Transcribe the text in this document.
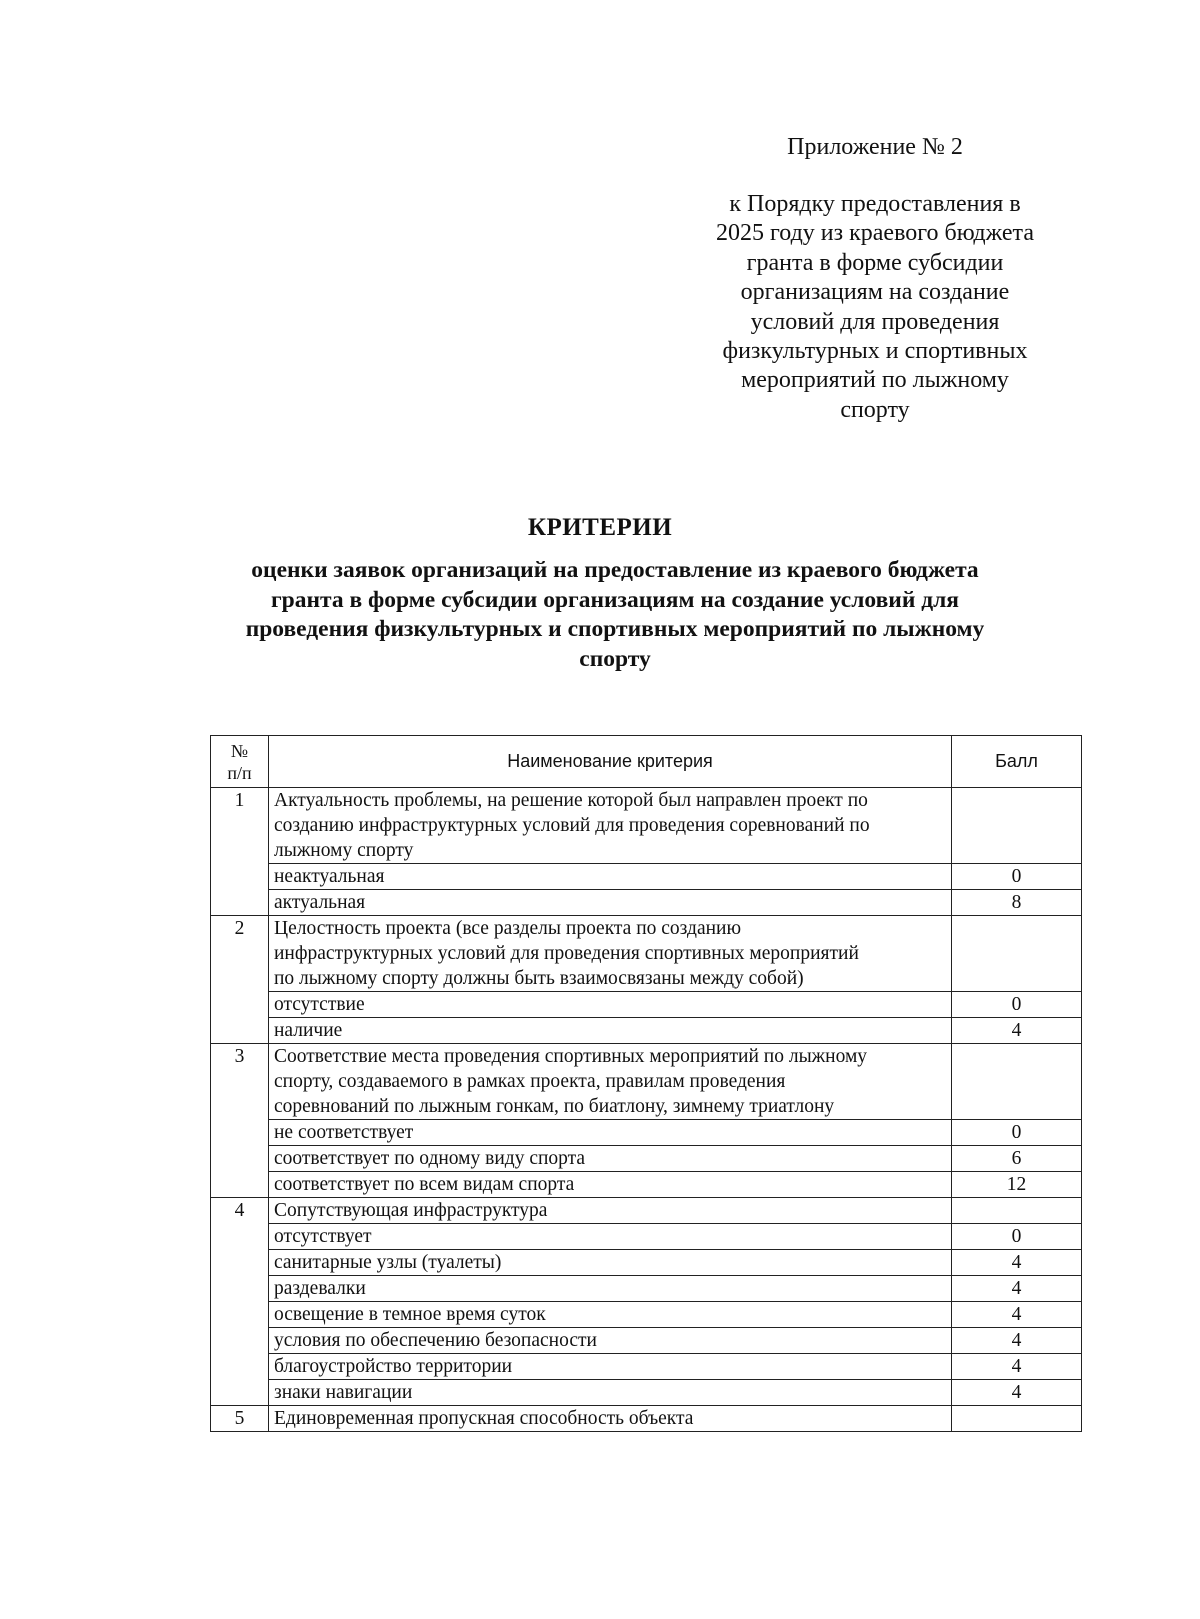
Приложение № 2
к Порядку предоставления в
2025 году из краевого бюджета
гранта в форме субсидии
организациям на создание
условий для проведения
физкультурных и спортивных
мероприятий по лыжному
спорту
КРИТЕРИИ
оценки заявок организаций на предоставление из краевого бюджета
гранта в форме субсидии организациям на создание условий для
проведения физкультурных и спортивных мероприятий по лыжному
спорту
№
п/п	Наименование критерия	Балл
1	Актуальность проблемы, на решение которой был направлен проект по
созданию инфраструктурных условий для проведения соревнований по
лыжному спорту	

	неактуальная	0
	актуальная	8
2	Целостность проекта (все разделы проекта по созданию
инфраструктурных условий для проведения спортивных мероприятий
по лыжному спорту должны быть взаимосвязаны между собой)	

	отсутствие	0
	наличие	4
3	Соответствие места проведения спортивных мероприятий по лыжному
спорту, создаваемого в рамках проекта, правилам проведения
соревнований по лыжным гонкам, по биатлону, зимнему триатлону	

	не соответствует	0
	соответствует по одному виду спорта	6
	соответствует по всем видам спорта	12
4	Сопутствующая инфраструктура	

	отсутствует	0
	санитарные узлы (туалеты)	4
	раздевалки	4
	освещение в темное время суток	4
	условия по обеспечению безопасности	4
	благоустройство территории	4
	знаки навигации	4
5	Единовременная пропускная способность объекта	
